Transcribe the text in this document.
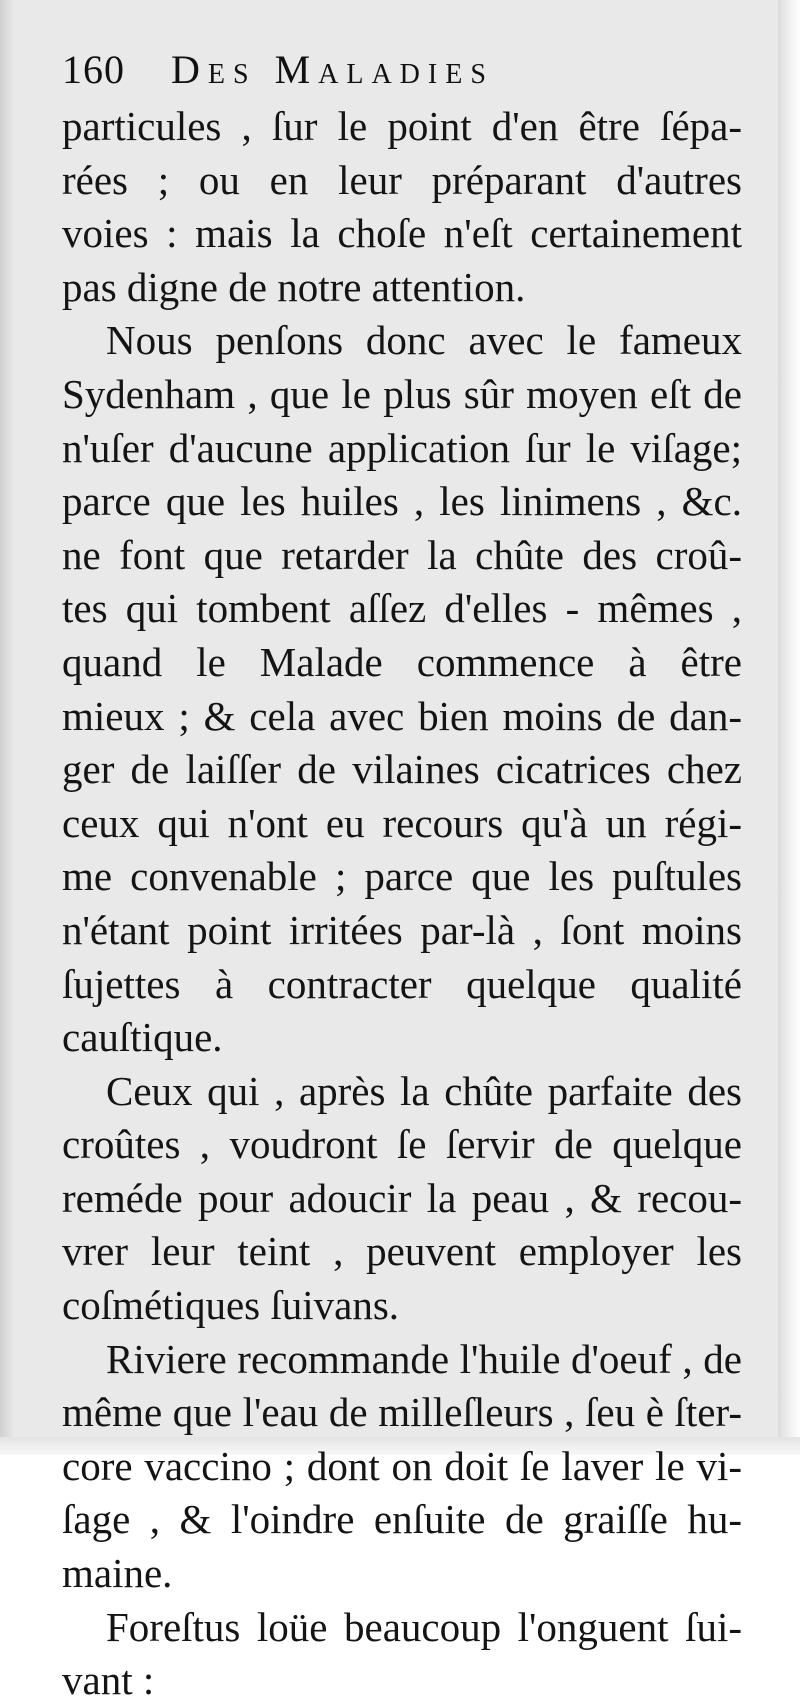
160 Des Maladies
particules , ſur le point d'en être ſépa-
rées ; ou en leur préparant d'autres
voies : mais la choſe n'eſt certainement
pas digne de notre attention.
Nous penſons donc avec le fameux
Sydenham , que le plus sûr moyen eſt de
n'uſer d'aucune application ſur le viſage;
parce que les huiles , les linimens , &c.
ne font que retarder la chûte des croû-
tes qui tombent aſſez d'elles - mêmes ,
quand le Malade commence à être
mieux ; & cela avec bien moins de dan-
ger de laiſſer de vilaines cicatrices chez
ceux qui n'ont eu recours qu'à un régi-
me convenable ; parce que les puſtules
n'étant point irritées par-là , ſont moins
ſujettes à contracter quelque qualité
cauſtique.
Ceux qui , après la chûte parfaite des
croûtes , voudront ſe ſervir de quelque
reméde pour adoucir la peau , & recou-
vrer leur teint , peuvent employer les
coſmétiques ſuivans.
Riviere recommande l'huile d'oeuf , de
même que l'eau de milleſleurs , ſeu è ſter-
core vaccino ; dont on doit ſe laver le vi-
ſage , & l'oindre enſuite de graiſſe hu-
maine.
Foreſtus loüe beaucoup l'onguent ſui-
vant :
